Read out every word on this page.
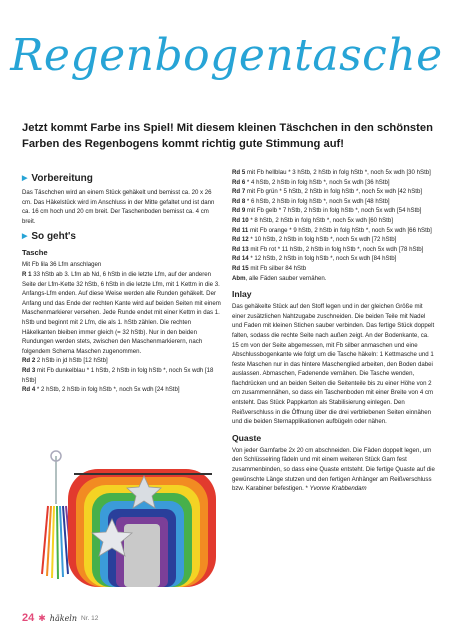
Regenbogentasche
Jetzt kommt Farbe ins Spiel! Mit diesem kleinen Täschchen in den schönsten Farben des Regenbogens kommt richtig gute Stimmung auf!
▶ Vorbereitung

Das Täschchen wird an einem Stück gehäkelt und bemisst ca. 20 x 26 cm. Das Häkelstück wird im Anschluss in der Mitte gefaltet und ist dann ca. 16 cm hoch und 20 cm breit. Der Taschenboden bemisst ca. 4 cm breit.

▶ So geht's
Tasche
Mit Fb lila 36 Lfm anschlagen
R 1 33 hStb ab 3. Lfm ab Nd, 6 hStb in die letzte Lfm, auf der anderen Seite der Lfm-Kette 32 hStb, 6 hStb in die letzte Lfm, mit 1 Kettm in die 3. Anfangs-Lfm enden. Auf diese Weise werden alle Runden gehäkelt. Der Anfang und das Ende der rechten Kante wird auf beiden Seiten mit einem Maschenmarkierer versehen. Jede Runde endet mit einer Kettm in das 1. hStb und beginnt mit 2 Lfm, die als 1. hStb zählen. Die rechten Häkelkanten bleiben immer gleich (= 32 hStb). Nur in den beiden Rundungen werden stets, zwischen den Maschenmarkierern, nach folgendem Schema Maschen zugenommen.
Rd 2 2 hStb in jd hStb [12 hStb]
Rd 3 mit Fb dunkelblau * 1 hStb, 2 hStb in folg hStb *, noch 5x wdh [18 hStb]
Rd 4 * 2 hStb, 2 hStb in folg hStb *, noch 5x wdh [24 hStb]
Rd 5 mit Fb hellblau * 3 hStb, 2 hStb in folg hStb *, noch 5x wdh [30 hStb]
Rd 6 * 4 hStb, 2 hStb in folg hStb *, noch 5x wdh [36 hStb]
Rd 7 mit Fb grün * 5 hStb, 2 hStb in folg hStb *, noch 5x wdh [42 hStb]
Rd 8 * 6 hStb, 2 hStb in folg hStb *, noch 5x wdh [48 hStb]
Rd 9 mit Fb gelb * 7 hStb, 2 hStb in folg hStb *, noch 5x wdh [54 hStb]
Rd 10 * 8 hStb, 2 hStb in folg hStb *, noch 5x wdh [60 hStb]
Rd 11 mit Fb orange * 9 hStb, 2 hStb in folg hStb *, noch 5x wdh [66 hStb]
Rd 12 * 10 hStb, 2 hStb in folg hStb *, noch 5x wdh [72 hStb]
Rd 13 mit Fb rot * 11 hStb, 2 hStb in folg hStb *, noch 5x wdh [78 hStb]
Rd 14 * 12 hStb, 2 hStb in folg hStb *, noch 5x wdh [84 hStb]
Rd 15 mit Fb silber 84 hStb
Abm, alle Fäden sauber vernähen.
Inlay

Das gehäkelte Stück auf den Stoff legen und in der gleichen Größe mit einer zusätzlichen Nahtzugabe zuschneiden. Die beiden Teile mit Nadel und Faden mit kleinen Stichen sauber verbinden. Das fertige Stück doppelt falten, sodass die rechte Seite nach außen zeigt. An der Bodenkante, ca. 15 cm von der Seite abgemessen, mit Fb silber anmaschen und eine Abschlussbogenkante wie folgt um die Tasche häkeln: 1 Kettmasche und 1 feste Maschen nur in das hintere Maschenglied arbeiten, den Boden dabei auslassen. Abmaschen, Fadenende vernähen. Die Tasche wenden, flachdrücken und an beiden Seiten die Seitenteile bis zu einer Höhe von 2 cm zusammennähen, so dass ein Taschenboden mit einer Breite von 4 cm entsteht. Das Stück Pappkarton als Stabilisierung einlegen. Den Reißverschluss in die Öffnung über die drei verbliebenen Seiten einnähen und die beiden Sternapplikationen aufbügeln oder nähen.

Quaste

Von jeder Garnfarbe 2x 20 cm abschneiden. Die Fäden doppelt legen, um den Schlüsselring fädeln und mit einem weiteren Stück Garn fest zusammenbinden, so dass eine Quaste entsteht. Die fertige Quaste auf die gewünschte Länge stutzen und den fertigen Anhänger am Reißverschluss bzw. Karabiner befestigen. * Yvonne Krabbendam

24 ✱ häkeln Nr. 12
